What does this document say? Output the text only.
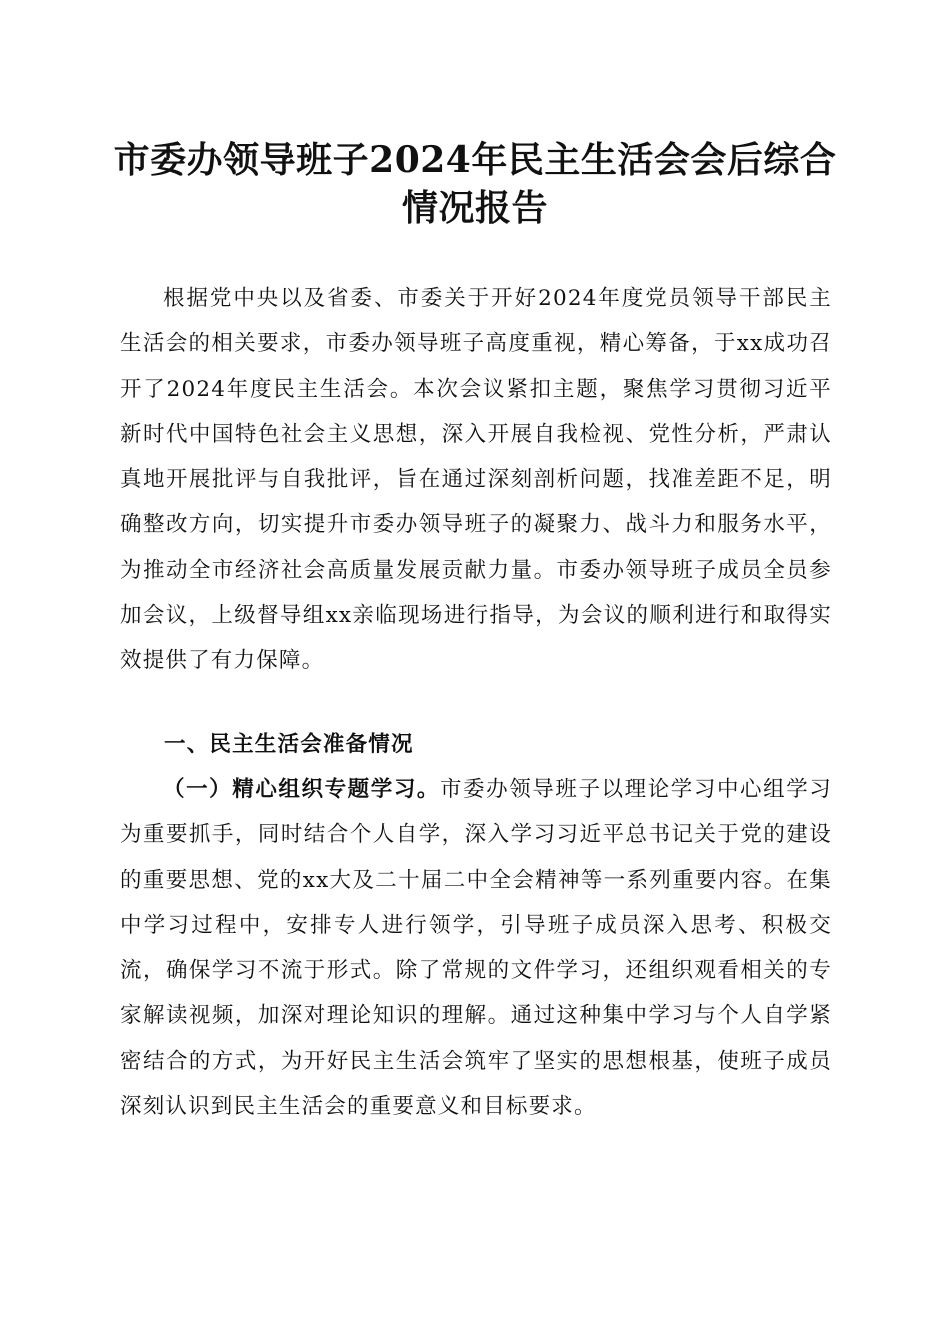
市委办领导班子2024年民主生活会会后综合
情况报告

根据党中央以及省委、市委关于开好2024年度党员领导干部民主生活会的相关要求，市委办领导班子高度重视，精心筹备，于xx成功召开了2024年度民主生活会。本次会议紧扣主题，聚焦学习贯彻习近平新时代中国特色社会主义思想，深入开展自我检视、党性分析，严肃认真地开展批评与自我批评，旨在通过深刻剖析问题，找准差距不足，明确整改方向，切实提升市委办领导班子的凝聚力、战斗力和服务水平，为推动全市经济社会高质量发展贡献力量。市委办领导班子成员全员参加会议，上级督导组xx亲临现场进行指导，为会议的顺利进行和取得实效提供了有力保障。

一、民主生活会准备情况

（一）精心组织专题学习。市委办领导班子以理论学习中心组学习为重要抓手，同时结合个人自学，深入学习习近平总书记关于党的建设的重要思想、党的xx大及二十届二中全会精神等一系列重要内容。在集中学习过程中，安排专人进行领学，引导班子成员深入思考、积极交流，确保学习不流于形式。除了常规的文件学习，还组织观看相关的专家解读视频，加深对理论知识的理解。通过这种集中学习与个人自学紧密结合的方式，为开好民主生活会筑牢了坚实的思想根基，使班子成员深刻认识到民主生活会的重要意义和目标要求。
